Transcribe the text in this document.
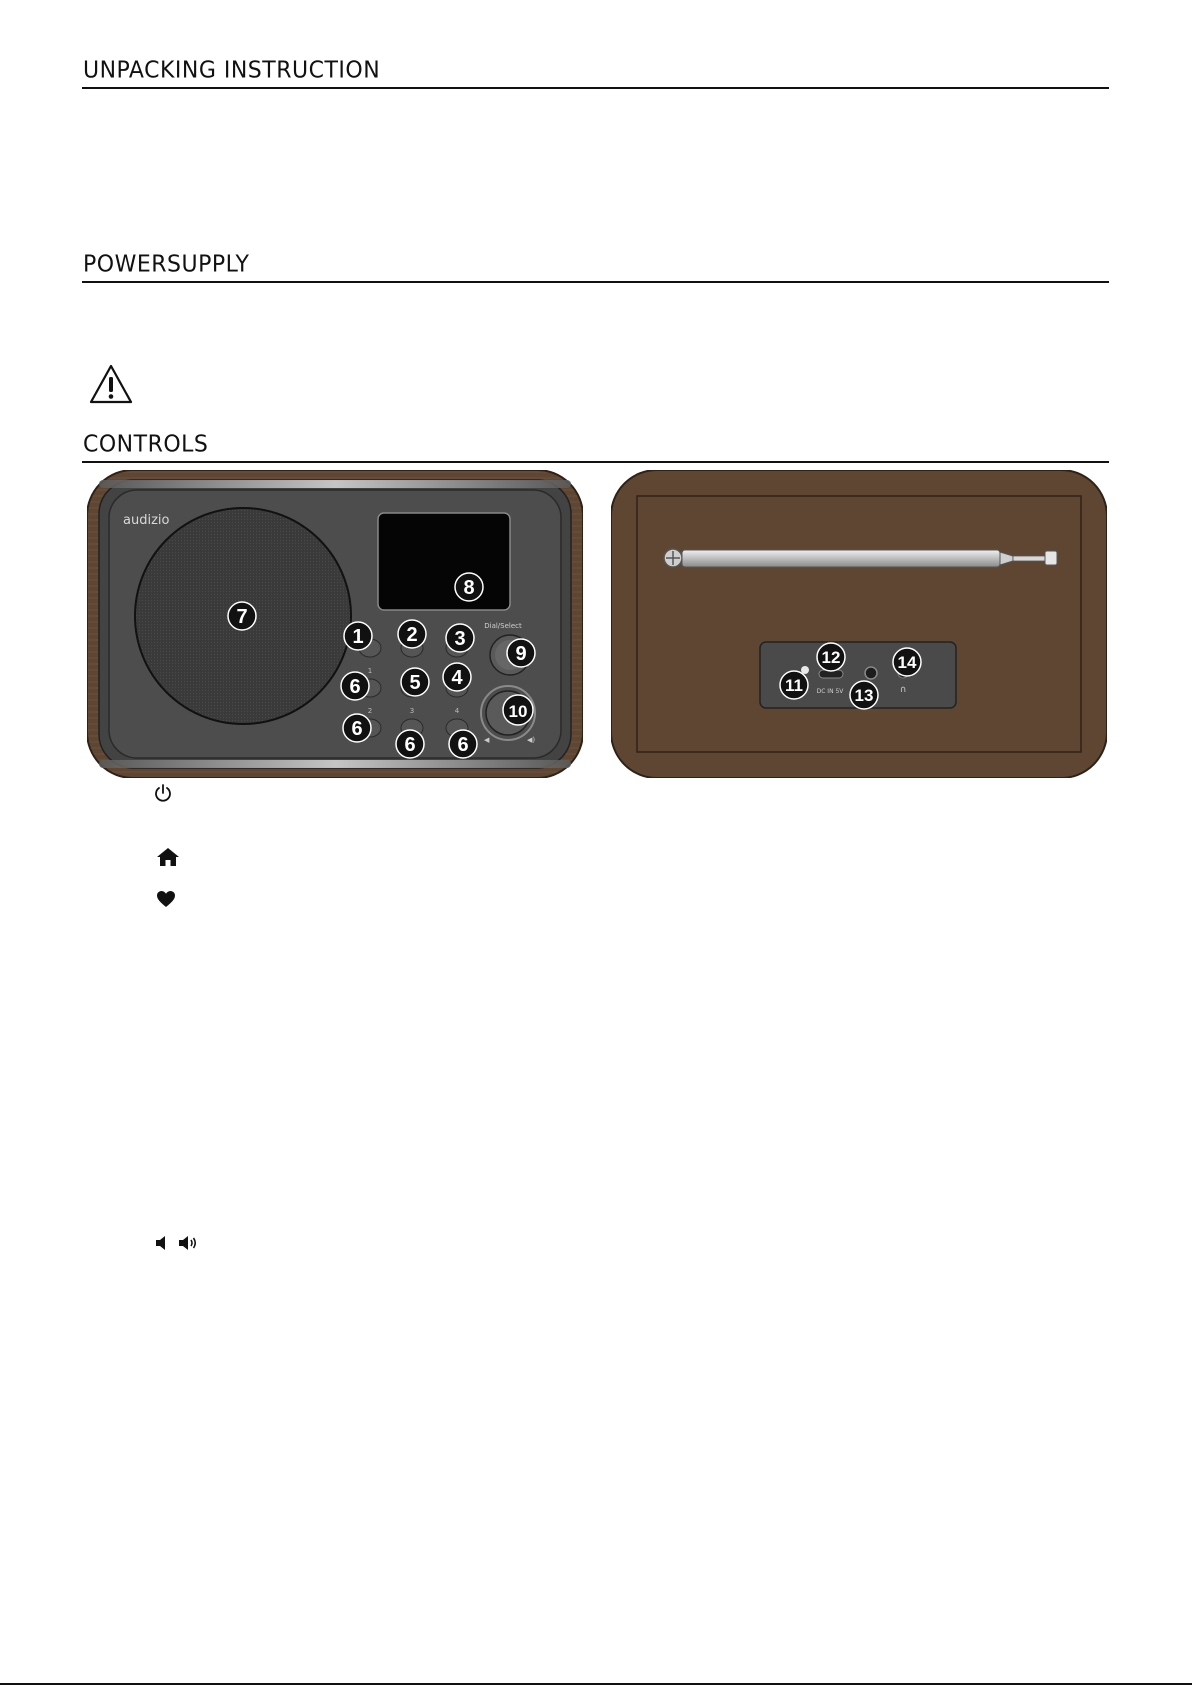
UNPACKING INSTRUCTION
POWERSUPPLY
CONTROLS
audizio
Dial/Select
1
2	3	4
◀	◀)
7
8
1 2 3
9
6 5 4
10
6
6 6
DC IN 5V	∩
11
12
13
14
